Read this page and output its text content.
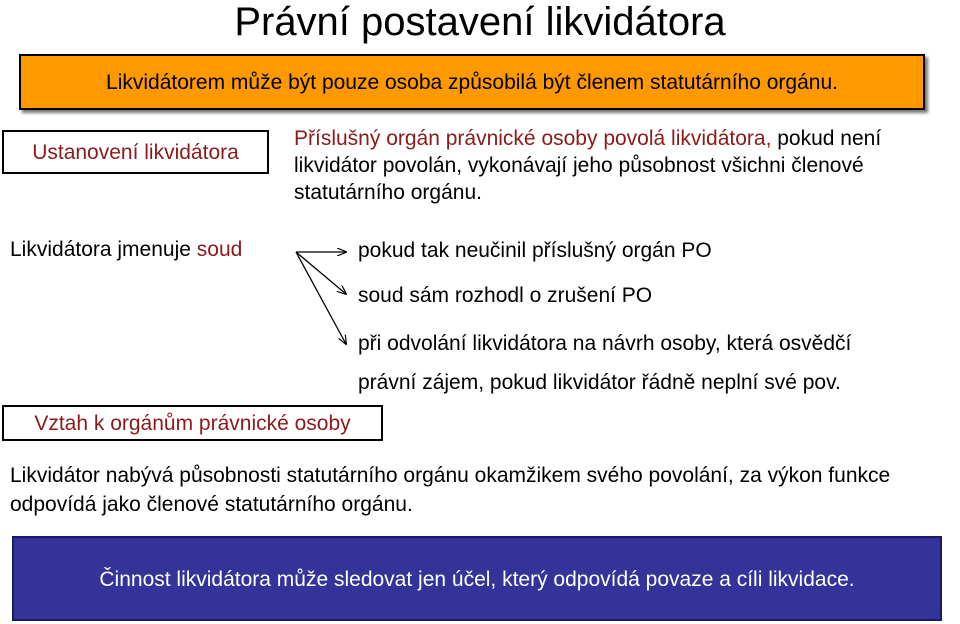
Právní postavení likvidátora
Likvidátorem může být pouze osoba způsobilá být členem statutárního orgánu.
Ustanovení likvidátora
Příslušný orgán právnické osoby povolá likvidátora, pokud není likvidátor povolán, vykonávají jeho působnost všichni členové statutárního orgánu.
Likvidátora jmenuje soud	pokud tak neučinil příslušný orgán PO
soud sám rozhodl o zrušení PO
při odvolání likvidátora na návrh osoby, která osvědčí
právní zájem, pokud likvidátor řádně neplní své pov.
Vztah k orgánům právnické osoby
Likvidátor nabývá působnosti statutárního orgánu okamžikem svého povolání, za výkon funkce odpovídá jako členové statutárního orgánu.
Činnost likvidátora může sledovat jen účel, který odpovídá povaze a cíli likvidace.
